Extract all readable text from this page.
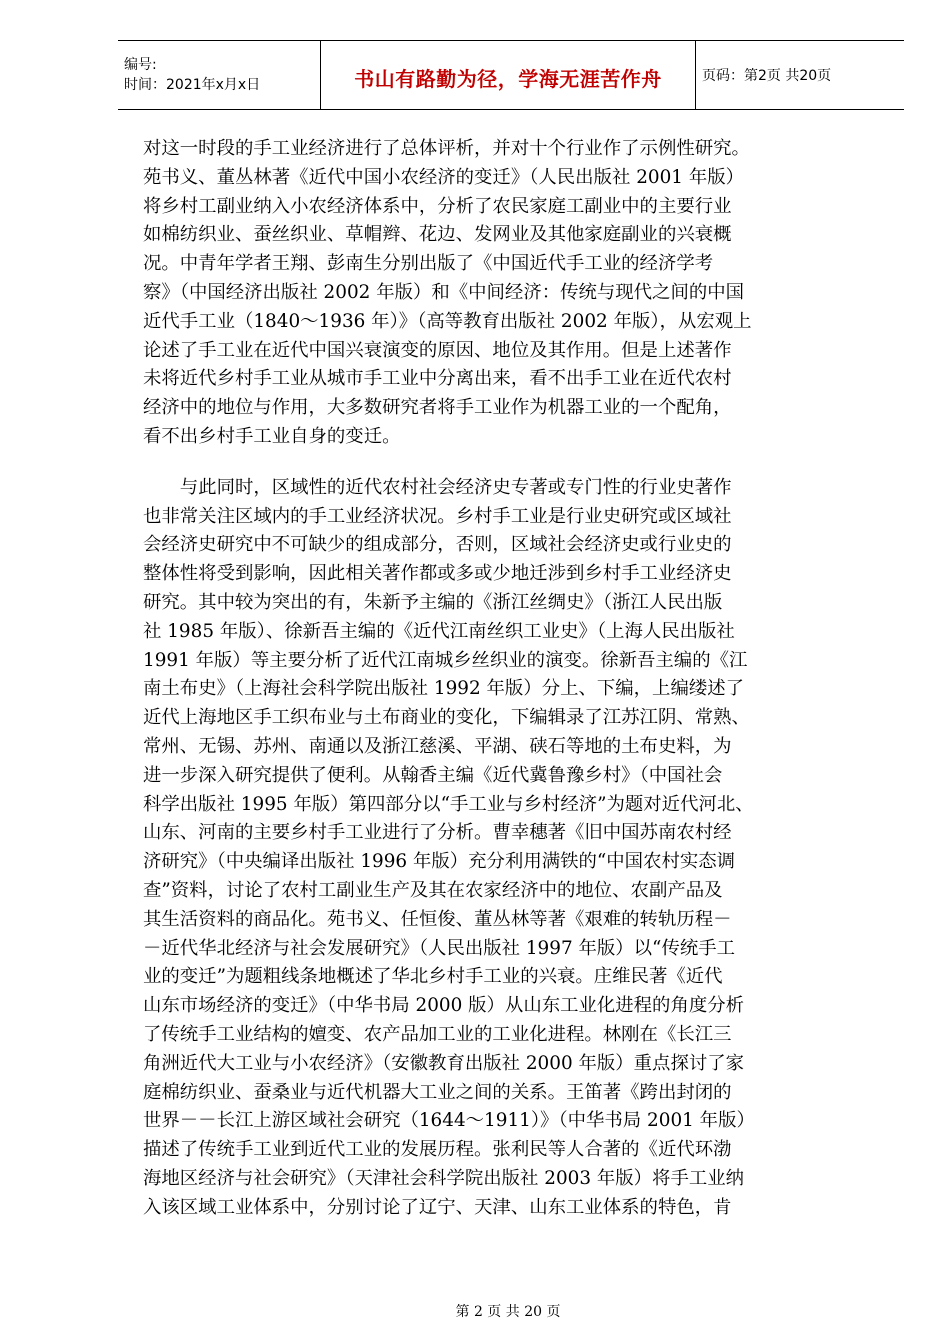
编号:
时间：2021年x月x日	书山有路勤为径，学海无涯苦作舟	页码：第2页 共20页
对这一时段的手工业经济进行了总体评析，并对十个行业作了示例性研究。
苑书义、董丛林著《近代中国小农经济的变迁》（人民出版社 2001 年版）
将乡村工副业纳入小农经济体系中，分析了农民家庭工副业中的主要行业
如棉纺织业、蚕丝织业、草帽辫、花边、发网业及其他家庭副业的兴衰概
况。中青年学者王翔、彭南生分别出版了《中国近代手工业的经济学考
察》（中国经济出版社 2002 年版）和《中间经济：传统与现代之间的中国
近代手工业（1840～1936 年）》（高等教育出版社 2002 年版），从宏观上
论述了手工业在近代中国兴衰演变的原因、地位及其作用。但是上述著作
未将近代乡村手工业从城市手工业中分离出来，看不出手工业在近代农村
经济中的地位与作用，大多数研究者将手工业作为机器工业的一个配角，
看不出乡村手工业自身的变迁。
　　与此同时，区域性的近代农村社会经济史专著或专门性的行业史著作
也非常关注区域内的手工业经济状况。乡村手工业是行业史研究或区域社
会经济史研究中不可缺少的组成部分，否则，区域社会经济史或行业史的
整体性将受到影响，因此相关著作都或多或少地迁涉到乡村手工业经济史
研究。其中较为突出的有，朱新予主编的《浙江丝绸史》（浙江人民出版
社 1985 年版）、徐新吾主编的《近代江南丝织工业史》（上海人民出版社
1991 年版）等主要分析了近代江南城乡丝织业的演变。徐新吾主编的《江
南土布史》（上海社会科学院出版社 1992 年版）分上、下编，上编缕述了
近代上海地区手工织布业与土布商业的变化，下编辑录了江苏江阴、常熟、
常州、无锡、苏州、南通以及浙江慈溪、平湖、硖石等地的土布史料，为
进一步深入研究提供了便利。从翰香主编《近代冀鲁豫乡村》（中国社会
科学出版社 1995 年版）第四部分以“手工业与乡村经济”为题对近代河北、
山东、河南的主要乡村手工业进行了分析。曹幸穗著《旧中国苏南农村经
济研究》（中央编译出版社 1996 年版）充分利用满铁的“中国农村实态调
查”资料，讨论了农村工副业生产及其在农家经济中的地位、农副产品及
其生活资料的商品化。苑书义、任恒俊、董丛林等著《艰难的转轨历程－
－近代华北经济与社会发展研究》（人民出版社 1997 年版）以“传统手工
业的变迁”为题粗线条地概述了华北乡村手工业的兴衰。庄维民著《近代
山东市场经济的变迁》（中华书局 2000 版）从山东工业化进程的角度分析
了传统手工业结构的嬗变、农产品加工业的工业化进程。林刚在《长江三
角洲近代大工业与小农经济》（安徽教育出版社 2000 年版）重点探讨了家
庭棉纺织业、蚕桑业与近代机器大工业之间的关系。王笛著《跨出封闭的
世界－－长江上游区域社会研究（1644～1911）》（中华书局 2001 年版）
描述了传统手工业到近代工业的发展历程。张利民等人合著的《近代环渤
海地区经济与社会研究》（天津社会科学院出版社 2003 年版）将手工业纳
入该区域工业体系中，分别讨论了辽宁、天津、山东工业体系的特色，肯
第 2 页 共 20 页
